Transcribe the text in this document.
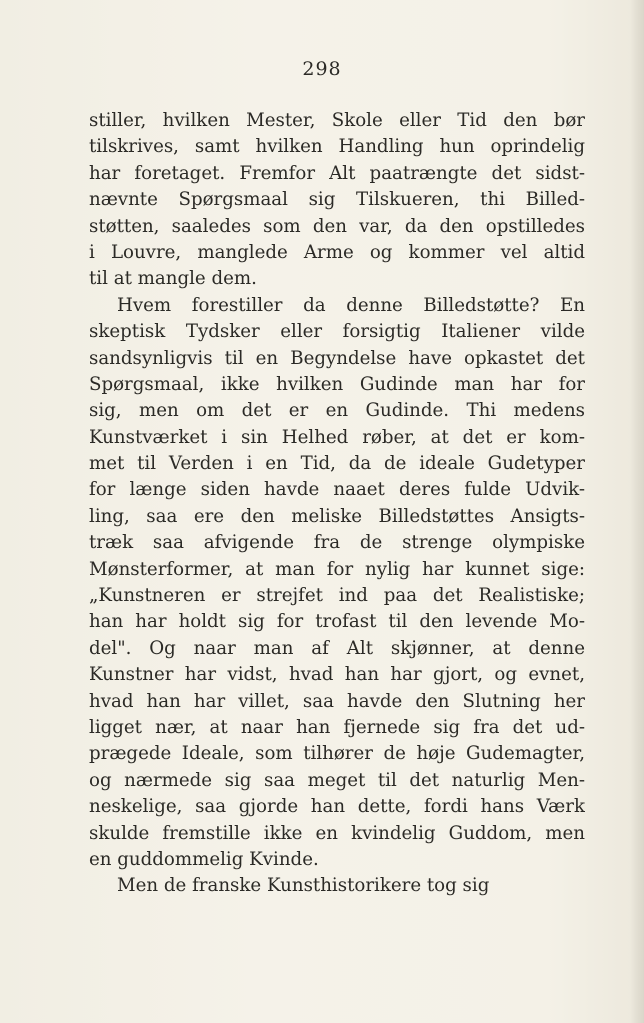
298
stiller, hvilken Mester, Skole eller Tid den bør
tilskrives, samt hvilken Handling hun oprindelig
har foretaget. Fremfor Alt paatrængte det sidst-
nævnte Spørgsmaal sig Tilskueren, thi Billed-
støtten, saaledes som den var, da den opstilledes
i Louvre, manglede Arme og kommer vel altid
til at mangle dem.
Hvem forestiller da denne Billedstøtte? En
skeptisk Tydsker eller forsigtig Italiener vilde
sandsynligvis til en Begyndelse have opkastet det
Spørgsmaal, ikke hvilken Gudinde man har for
sig, men om det er en Gudinde. Thi medens
Kunstværket i sin Helhed røber, at det er kom-
met til Verden i en Tid, da de ideale Gudetyper
for længe siden havde naaet deres fulde Udvik-
ling, saa ere den meliske Billedstøttes Ansigts-
træk saa afvigende fra de strenge olympiske
Mønsterformer, at man for nylig har kunnet sige:
„Kunstneren er strejfet ind paa det Realistiske;
han har holdt sig for trofast til den levende Mo-
del". Og naar man af Alt skjønner, at denne
Kunstner har vidst, hvad han har gjort, og evnet,
hvad han har villet, saa havde den Slutning her
ligget nær, at naar han fjernede sig fra det ud-
prægede Ideale, som tilhører de høje Gudemagter,
og nærmede sig saa meget til det naturlig Men-
neskelige, saa gjorde han dette, fordi hans Værk
skulde fremstille ikke en kvindelig Guddom, men
en guddommelig Kvinde.
Men de franske Kunsthistorikere tog sig
